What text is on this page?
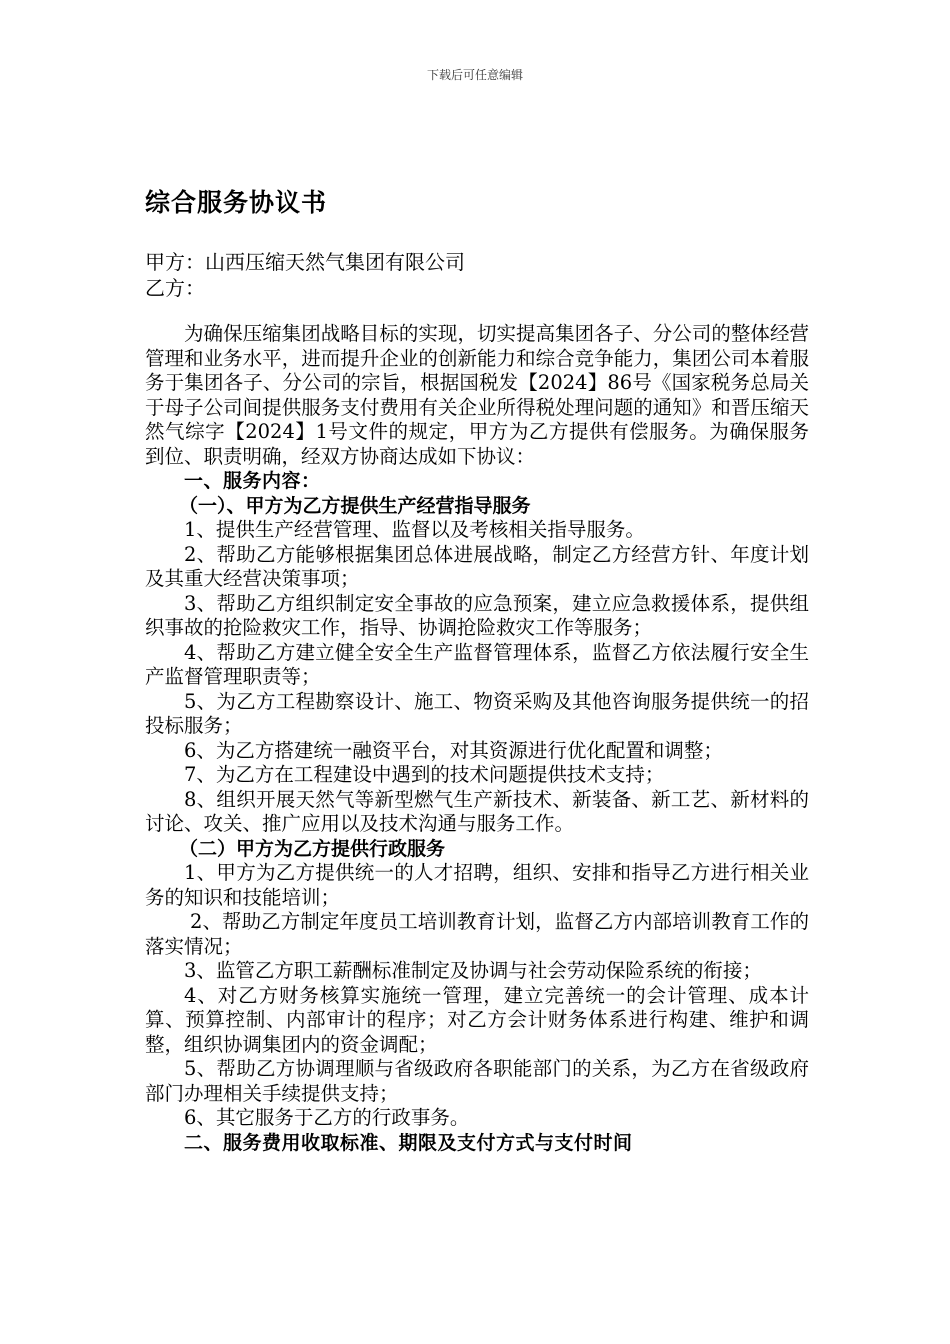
下载后可任意编辑
综合服务协议书
甲方：山西压缩天然气集团有限公司
乙方：

为确保压缩集团战略目标的实现，切实提高集团各子、分公司的整体经营管理和业务水平，进而提升企业的创新能力和综合竞争能力，集团公司本着服务于集团各子、分公司的宗旨，根据国税发【2024】86号《国家税务总局关于母子公司间提供服务支付费用有关企业所得税处理问题的通知》和晋压缩天然气综字【2024】1号文件的规定，甲方为乙方提供有偿服务。为确保服务到位、职责明确，经双方协商达成如下协议：

一、服务内容：

（一）、甲方为乙方提供生产经营指导服务

1、提供生产经营管理、监督以及考核相关指导服务。

2、帮助乙方能够根据集团总体进展战略，制定乙方经营方针、年度计划及其重大经营决策事项；

3、帮助乙方组织制定安全事故的应急预案，建立应急救援体系，提供组织事故的抢险救灾工作，指导、协调抢险救灾工作等服务；

4、帮助乙方建立健全安全生产监督管理体系，监督乙方依法履行安全生产监督管理职责等；

5、为乙方工程勘察设计、施工、物资采购及其他咨询服务提供统一的招投标服务；

6、为乙方搭建统一融资平台，对其资源进行优化配置和调整；

7、为乙方在工程建设中遇到的技术问题提供技术支持；

8、组织开展天然气等新型燃气生产新技术、新装备、新工艺、新材料的讨论、攻关、推广应用以及技术沟通与服务工作。

（二）甲方为乙方提供行政服务

1、甲方为乙方提供统一的人才招聘，组织、安排和指导乙方进行相关业务的知识和技能培训；

2、帮助乙方制定年度员工培训教育计划，监督乙方内部培训教育工作的落实情况；

3、监管乙方职工薪酬标准制定及协调与社会劳动保险系统的衔接；

4、对乙方财务核算实施统一管理，建立完善统一的会计管理、成本计算、预算控制、内部审计的程序；对乙方会计财务体系进行构建、维护和调整，组织协调集团内的资金调配；

5、帮助乙方协调理顺与省级政府各职能部门的关系，为乙方在省级政府部门办理相关手续提供支持；

6、其它服务于乙方的行政事务。

二、服务费用收取标准、期限及支付方式与支付时间
